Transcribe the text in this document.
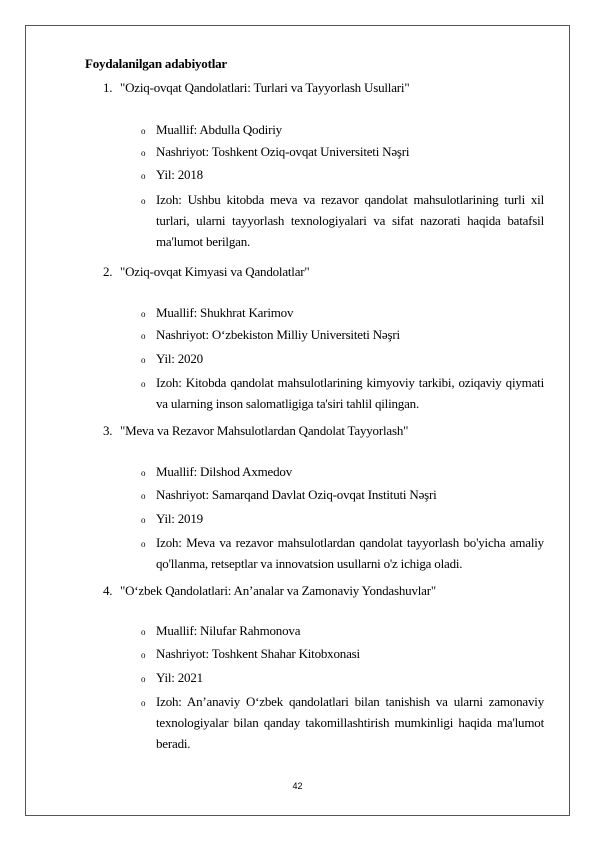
Foydalanilgan adabiyotlar
1. "Oziq-ovqat Qandolatlari: Turlari va Tayyorlash Usullari"
o Muallif: Abdulla Qodiriy
o Nashriyot: Toshkent Oziq-ovqat Universiteti Nəşri
o Yil: 2018
o Izoh: Ushbu kitobda meva va rezavor qandolat mahsulotlarining turli xil turlari, ularni tayyorlash texnologiyalari va sifat nazorati haqida batafsil ma'lumot berilgan.
2. "Oziq-ovqat Kimyasi va Qandolatlar"
o Muallif: Shukhrat Karimov
o Nashriyot: O‘zbekiston Milliy Universiteti Nəşri
o Yil: 2020
o Izoh: Kitobda qandolat mahsulotlarining kimyoviy tarkibi, oziqaviy qiymati va ularning inson salomatligiga ta'siri tahlil qilingan.
3. "Meva va Rezavor Mahsulotlardan Qandolat Tayyorlash"
o Muallif: Dilshod Axmedov
o Nashriyot: Samarqand Davlat Oziq-ovqat Instituti Nəşri
o Yil: 2019
o Izoh: Meva va rezavor mahsulotlardan qandolat tayyorlash bo'yicha amaliy qo'llanma, retseptlar va innovatsion usullarni o'z ichiga oladi.
4. "O‘zbek Qandolatlari: An’analar va Zamonaviy Yondashuvlar"
o Muallif: Nilufar Rahmonova
o Nashriyot: Toshkent Shahar Kitobxonasi
o Yil: 2021
o Izoh: An’anaviy O‘zbek qandolatlari bilan tanishish va ularni zamonaviy texnologiyalar bilan qanday takomillashtirish mumkinligi haqida ma'lumot beradi.
42
